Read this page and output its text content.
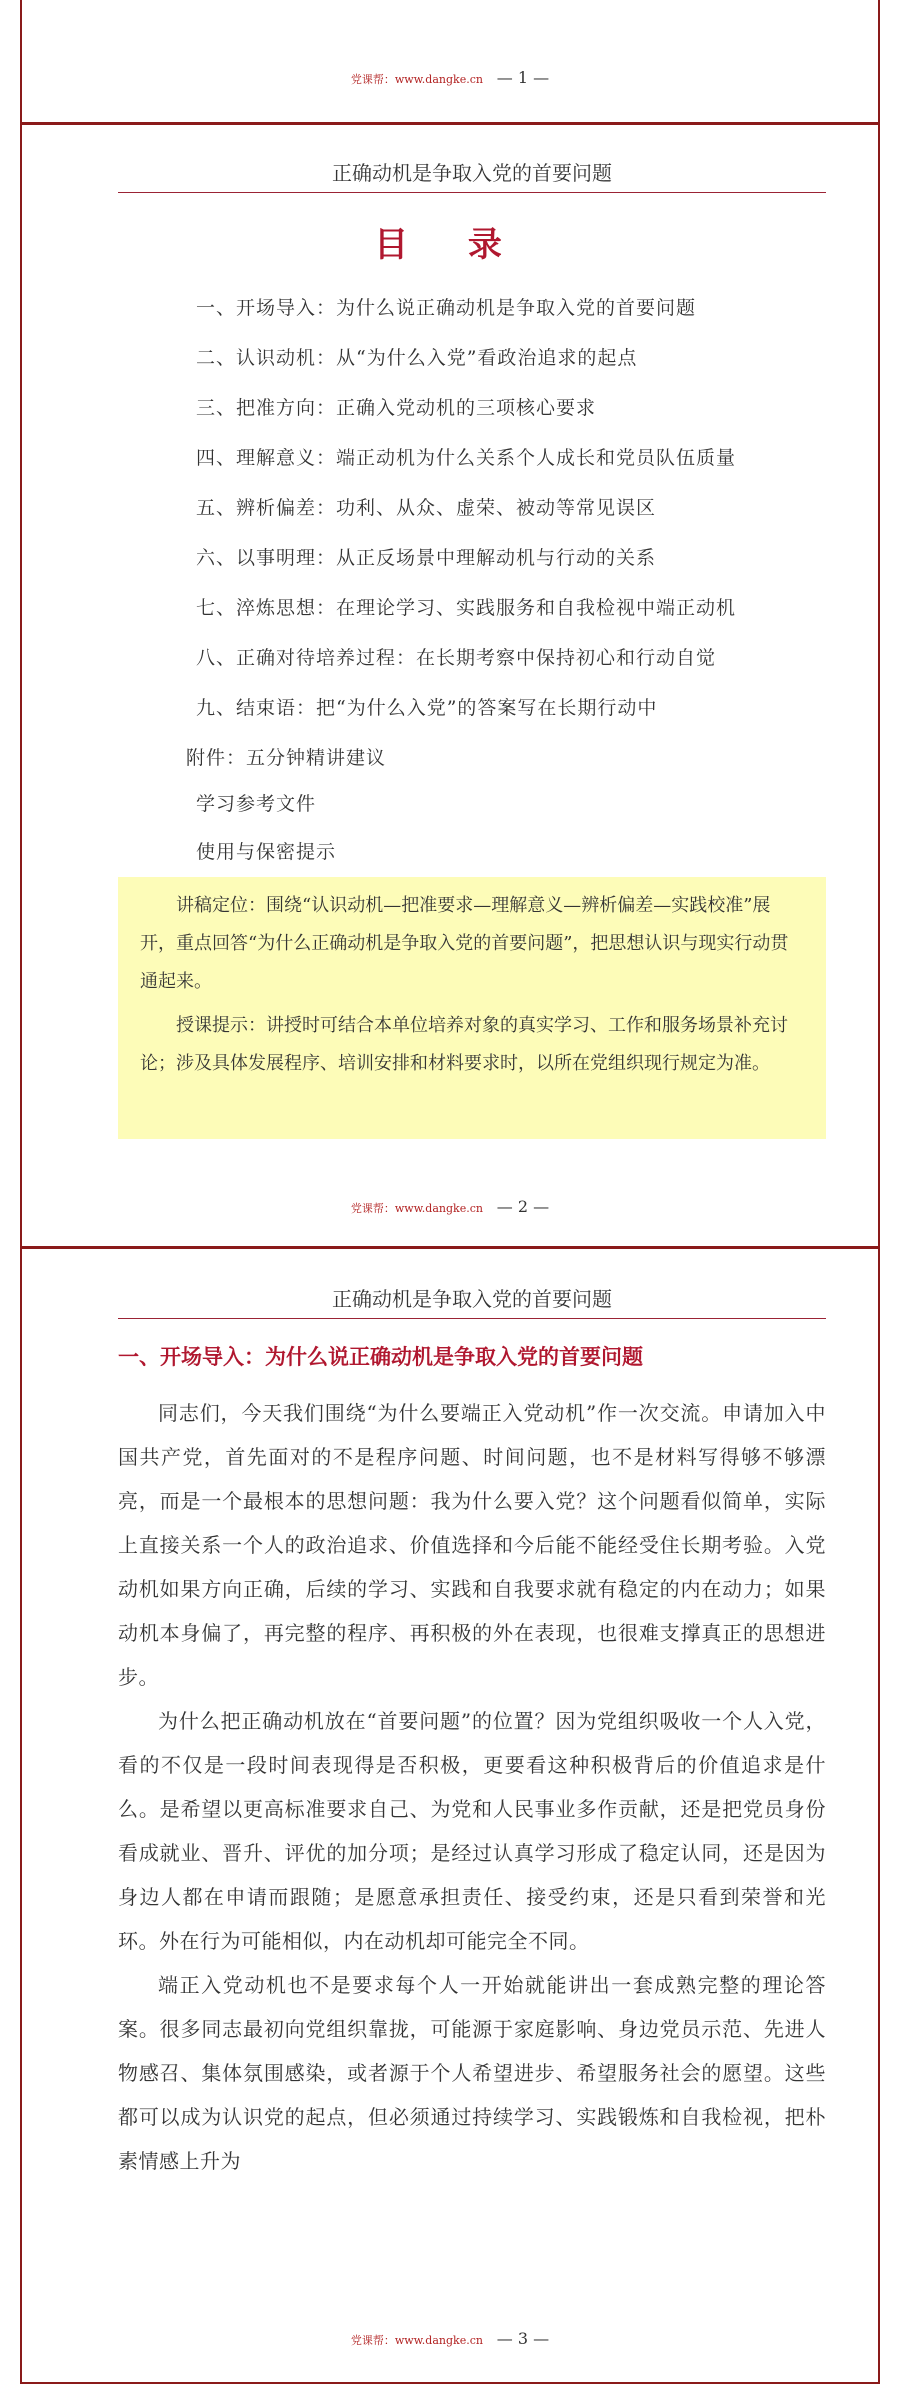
党课帮：www.dangke.cn — 1 —
正确动机是争取入党的首要问题
目 录
一、开场导入：为什么说正确动机是争取入党的首要问题
二、认识动机：从“为什么入党”看政治追求的起点
三、把准方向：正确入党动机的三项核心要求
四、理解意义：端正动机为什么关系个人成长和党员队伍质量
五、辨析偏差：功利、从众、虚荣、被动等常见误区
六、以事明理：从正反场景中理解动机与行动的关系
七、淬炼思想：在理论学习、实践服务和自我检视中端正动机
八、正确对待培养过程：在长期考察中保持初心和行动自觉
九、结束语：把“为什么入党”的答案写在长期行动中
附件：五分钟精讲建议
学习参考文件
使用与保密提示

讲稿定位：围绕“认识动机—把准要求—理解意义—辨析偏差—实践校准”展开，重点回答“为什么正确动机是争取入党的首要问题”，把思想认识与现实行动贯通起来。

授课提示：讲授时可结合本单位培养对象的真实学习、工作和服务场景补充讨论；涉及具体发展程序、培训安排和材料要求时，以所在党组织现行规定为准。

党课帮：www.dangke.cn — 2 —
正确动机是争取入党的首要问题
一、开场导入：为什么说正确动机是争取入党的首要问题

同志们，今天我们围绕“为什么要端正入党动机”作一次交流。申请加入中国共产党，首先面对的不是程序问题、时间问题，也不是材料写得够不够漂亮，而是一个最根本的思想问题：我为什么要入党？这个问题看似简单，实际上直接关系一个人的政治追求、价值选择和今后能不能经受住长期考验。入党动机如果方向正确，后续的学习、实践和自我要求就有稳定的内在动力；如果动机本身偏了，再完整的程序、再积极的外在表现，也很难支撑真正的思想进步。

为什么把正确动机放在“首要问题”的位置？因为党组织吸收一个人入党，看的不仅是一段时间表现得是否积极，更要看这种积极背后的价值追求是什么。是希望以更高标准要求自己、为党和人民事业多作贡献，还是把党员身份看成就业、晋升、评优的加分项；是经过认真学习形成了稳定认同，还是因为身边人都在申请而跟随；是愿意承担责任、接受约束，还是只看到荣誉和光环。外在行为可能相似，内在动机却可能完全不同。

端正入党动机也不是要求每个人一开始就能讲出一套成熟完整的理论答案。很多同志最初向党组织靠拢，可能源于家庭影响、身边党员示范、先进人物感召、集体氛围感染，或者源于个人希望进步、希望服务社会的愿望。这些都可以成为认识党的起点，但必须通过持续学习、实践锻炼和自我检视，把朴素情感上升为

党课帮：www.dangke.cn — 3 —
